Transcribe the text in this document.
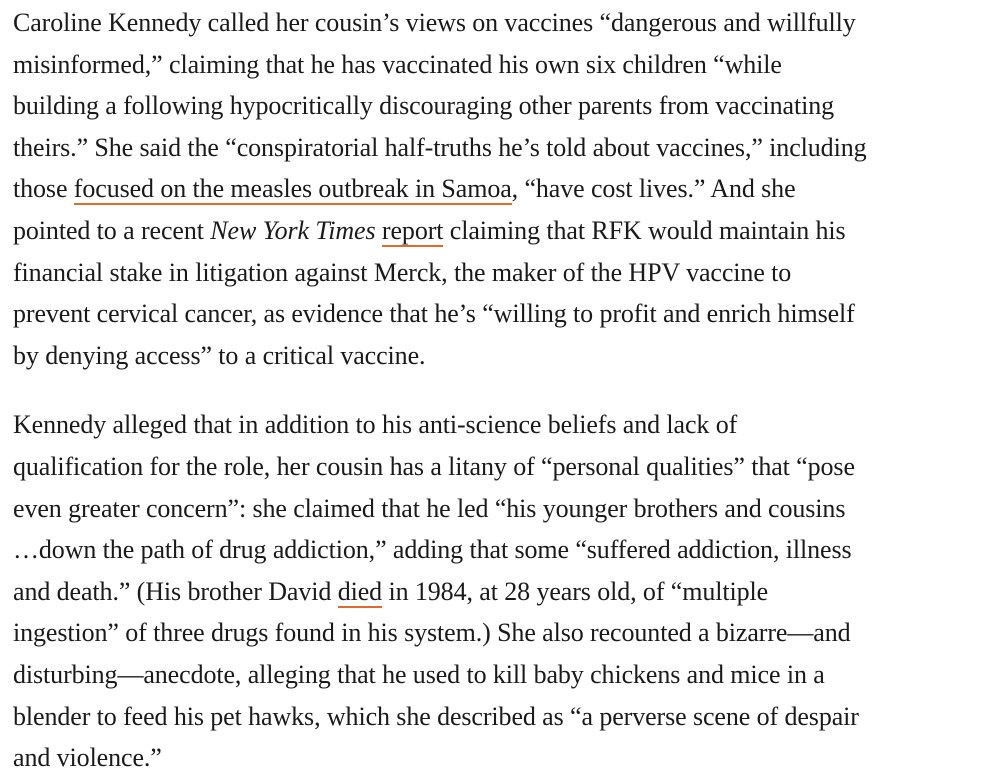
Caroline Kennedy called her cousin’s views on vaccines “dangerous and willfully
misinformed,” claiming that he has vaccinated his own six children “while
building a following hypocritically discouraging other parents from vaccinating
theirs.” She said the “conspiratorial half-truths he’s told about vaccines,” including
those focused on the measles outbreak in Samoa, “have cost lives.” And she
pointed to a recent New York Times report claiming that RFK would maintain his
financial stake in litigation against Merck, the maker of the HPV vaccine to
prevent cervical cancer, as evidence that he’s “willing to profit and enrich himself
by denying access” to a critical vaccine.

Kennedy alleged that in addition to his anti-science beliefs and lack of
qualification for the role, her cousin has a litany of “personal qualities” that “pose
even greater concern”: she claimed that he led “his younger brothers and cousins
…down the path of drug addiction,” adding that some “suffered addiction, illness
and death.” (His brother David died in 1984, at 28 years old, of “multiple
ingestion” of three drugs found in his system.) She also recounted a bizarre—and
disturbing—anecdote, alleging that he used to kill baby chickens and mice in a
blender to feed his pet hawks, which she described as “a perverse scene of despair
and violence.”
